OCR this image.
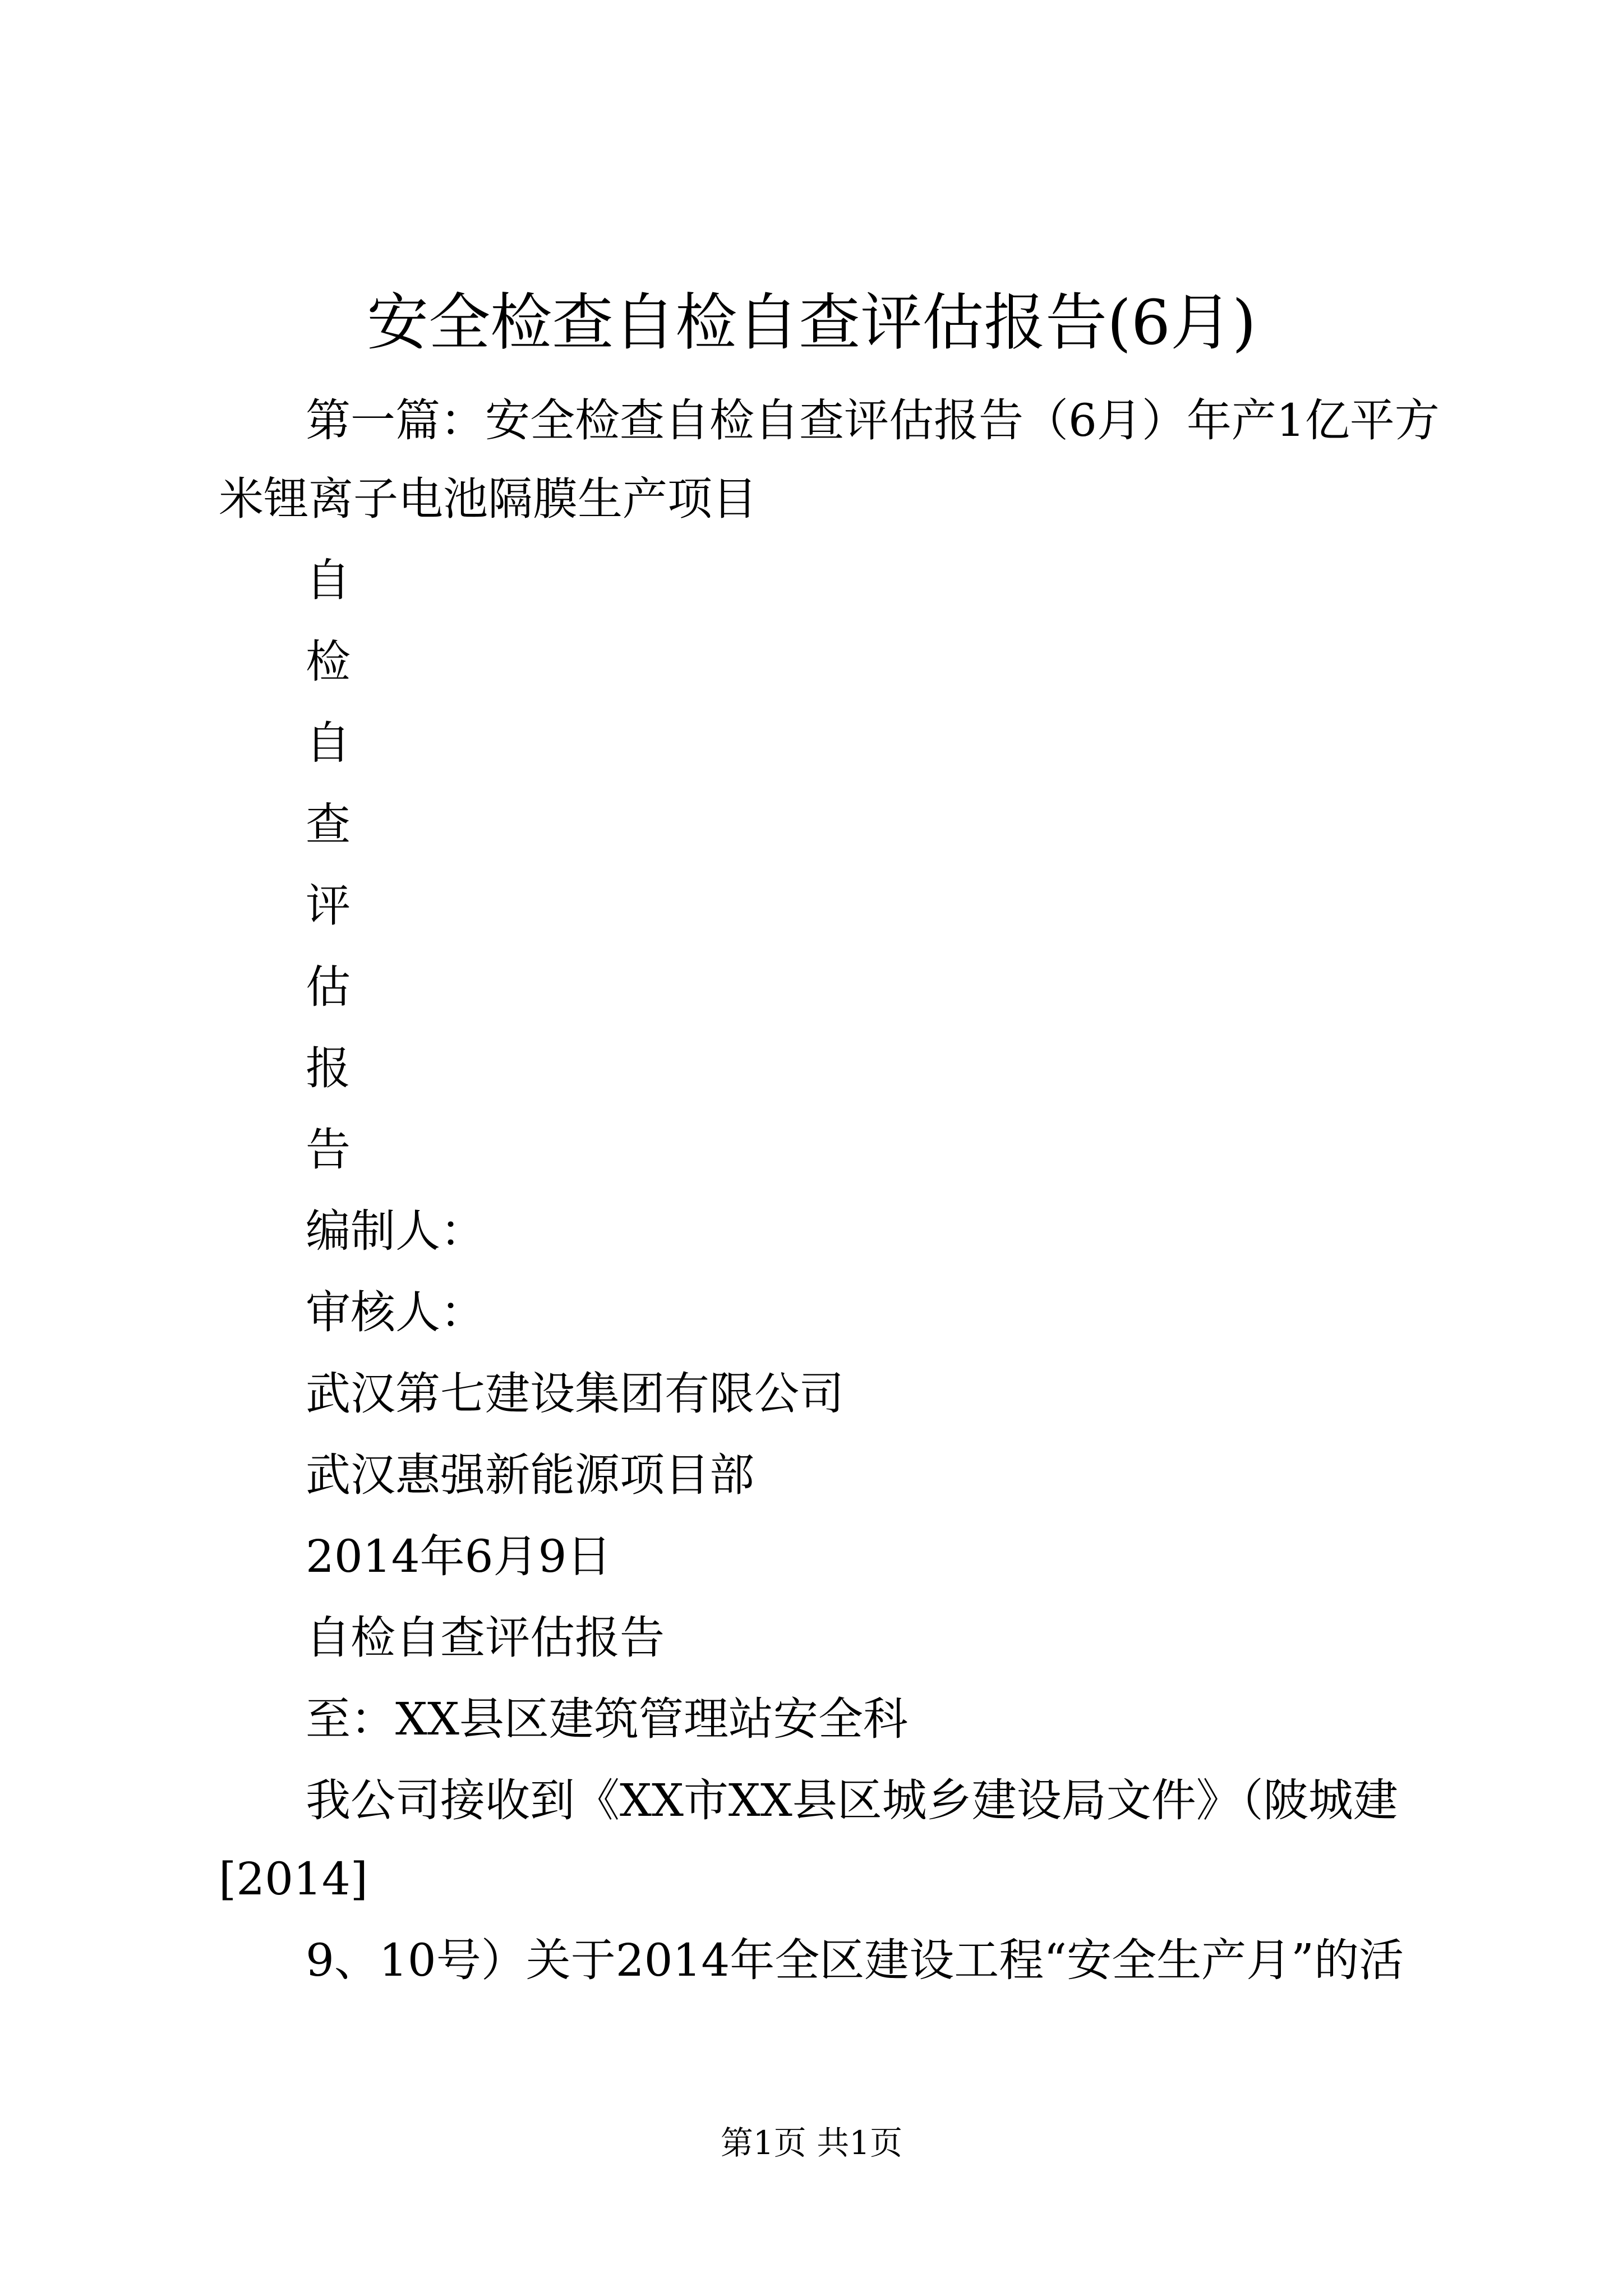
安全检查自检自查评估报告(6月)
第一篇：安全检查自检自查评估报告（6月）年产1亿平方
米锂离子电池隔膜生产项目
自
检
自
查
评
估
报
告
编制人：
审核人：
武汉第七建设集团有限公司
武汉惠强新能源项目部
2014年6月9日
自检自查评估报告
至：XX县区建筑管理站安全科
我公司接收到《XX市XX县区城乡建设局文件》（陂城建
[2014]
9、10号）关于2014年全区建设工程“安全生产月”的活
第1页 共1页
